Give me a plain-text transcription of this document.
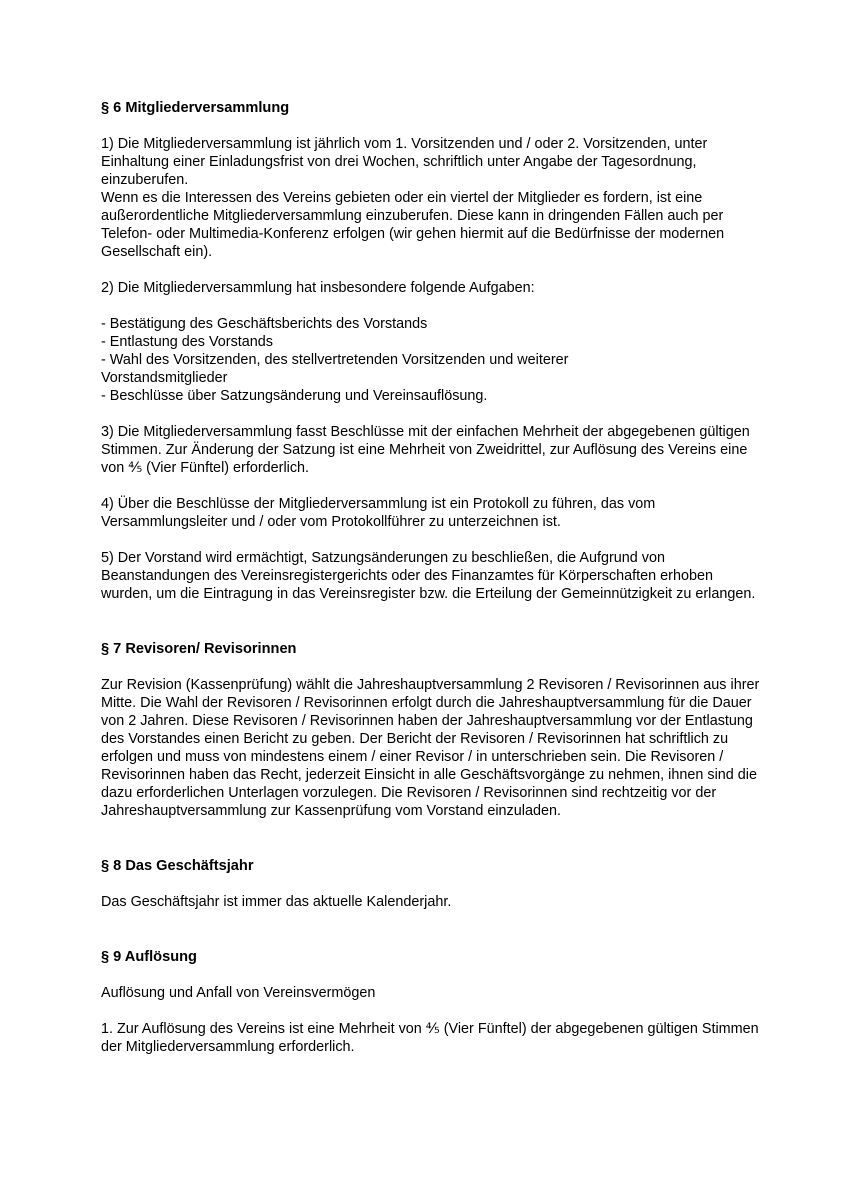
§ 6 Mitgliederversammlung

1) Die Mitgliederversammlung ist jährlich vom 1. Vorsitzenden und / oder 2. Vorsitzenden, unter Einhaltung einer Einladungsfrist von drei Wochen, schriftlich unter Angabe der Tagesordnung, einzuberufen.

Wenn es die Interessen des Vereins gebieten oder ein viertel der Mitglieder es fordern, ist eine außerordentliche Mitgliederversammlung einzuberufen. Diese kann in dringenden Fällen auch per Telefon- oder Multimedia-Konferenz erfolgen (wir gehen hiermit auf die Bedürfnisse der modernen Gesellschaft ein).

2) Die Mitgliederversammlung hat insbesondere folgende Aufgaben:

- Bestätigung des Geschäftsberichts des Vorstands

- Entlastung des Vorstands

- Wahl des Vorsitzenden, des stellvertretenden Vorsitzenden und weiterer Vorstandsmitglieder

- Beschlüsse über Satzungsänderung und Vereinsauflösung.

3) Die Mitgliederversammlung fasst Beschlüsse mit der einfachen Mehrheit der abgegebenen gültigen Stimmen. Zur Änderung der Satzung ist eine Mehrheit von Zweidrittel, zur Auflösung des Vereins eine von ⅘ (Vier Fünftel) erforderlich.

4) Über die Beschlüsse der Mitgliederversammlung ist ein Protokoll zu führen, das vom Versammlungsleiter und / oder vom Protokollführer zu unterzeichnen ist.

5) Der Vorstand wird ermächtigt, Satzungsänderungen zu beschließen, die Aufgrund von Beanstandungen des Vereinsregistergerichts oder des Finanzamtes für Körperschaften erhoben wurden, um die Eintragung in das Vereinsregister bzw. die Erteilung der Gemeinnützigkeit zu erlangen.

§ 7 Revisoren/ Revisorinnen

Zur Revision (Kassenprüfung) wählt die Jahreshauptversammlung 2 Revisoren / Revisorinnen aus ihrer Mitte. Die Wahl der Revisoren / Revisorinnen erfolgt durch die Jahreshauptversammlung für die Dauer von 2 Jahren. Diese Revisoren / Revisorinnen haben der Jahreshauptversammlung vor der Entlastung des Vorstandes einen Bericht zu geben. Der Bericht der Revisoren / Revisorinnen hat schriftlich zu erfolgen und muss von mindestens einem / einer Revisor / in unterschrieben sein. Die Revisoren / Revisorinnen haben das Recht, jederzeit Einsicht in alle Geschäftsvorgänge zu nehmen, ihnen sind die dazu erforderlichen Unterlagen vorzulegen. Die Revisoren / Revisorinnen sind rechtzeitig vor der Jahreshauptversammlung zur Kassenprüfung vom Vorstand einzuladen.

§ 8 Das Geschäftsjahr

Das Geschäftsjahr ist immer das aktuelle Kalenderjahr.

§ 9 Auflösung

Auflösung und Anfall von Vereinsvermögen

1. Zur Auflösung des Vereins ist eine Mehrheit von ⅘ (Vier Fünftel) der abgegebenen gültigen Stimmen der Mitgliederversammlung erforderlich.
